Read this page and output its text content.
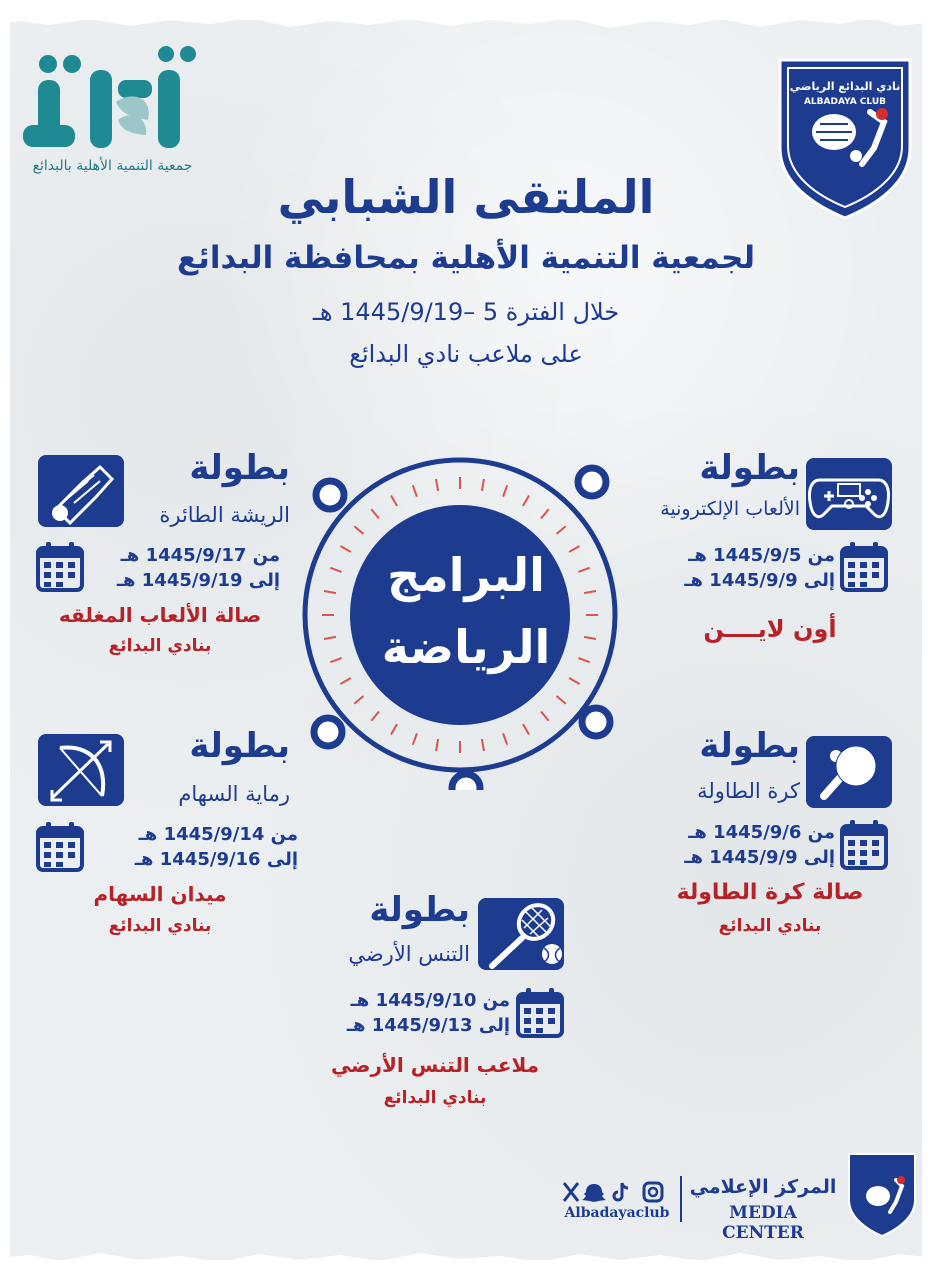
جمعية التنمية الأهلية بالبدائع
نادي البدائع الرياضي
ALBADAYA CLUB
1385 - 1965
الملتقى الشبابي
لجمعية التنمية الأهلية بمحافظة البدائع
خلال الفترة 5 –1445/9/19 هـ
على ملاعب نادي البدائع
البرامج
الرياضة
بطولة
الريشة الطائرة
من 1445/9/17 هـ
إلى 1445/9/19 هـ
صالة الألعاب المغلقه
بنادي البدائع
بطولة
الألعاب الإلكترونية
من 1445/9/5 هـ
إلى 1445/9/9 هـ
أون لايــــن
بطولة
رماية السهام
من 1445/9/14 هـ
إلى 1445/9/16 هـ
ميدان السهام
بنادي البدائع
بطولة
كرة الطاولة
من 1445/9/6 هـ
إلى 1445/9/9 هـ
صالة كرة الطاولة
بنادي البدائع
بطولة
التنس الأرضي
من 1445/9/10 هـ
إلى 1445/9/13 هـ
ملاعب التنس الأرضي
بنادي البدائع
المركز الإعلامي
MEDIA CENTER
Albadayaclub
